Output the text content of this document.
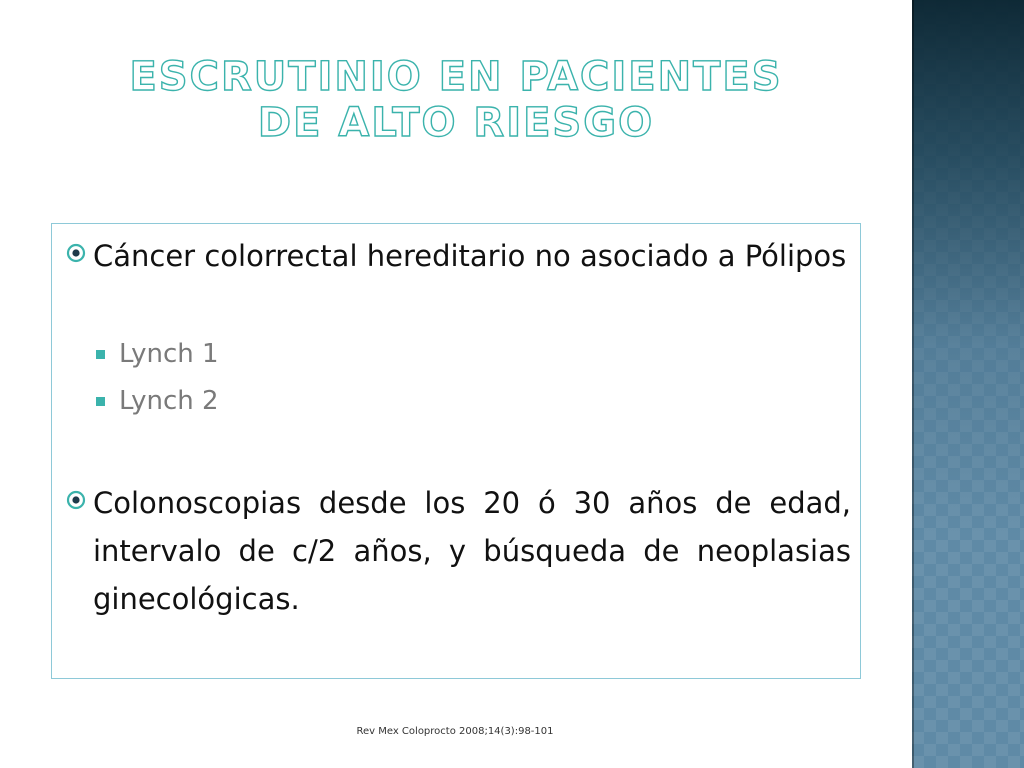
ESCRUTINIO EN PACIENTES
DE ALTO RIESGO
Cáncer colorrectal hereditario no asociado a Pólipos
Lynch 1
Lynch 2
Colonoscopias desde los 20 ó 30 años de edad, intervalo de c/2 años, y búsqueda de neoplasias ginecológicas.
Rev Mex Coloprocto 2008;14(3):98-101
